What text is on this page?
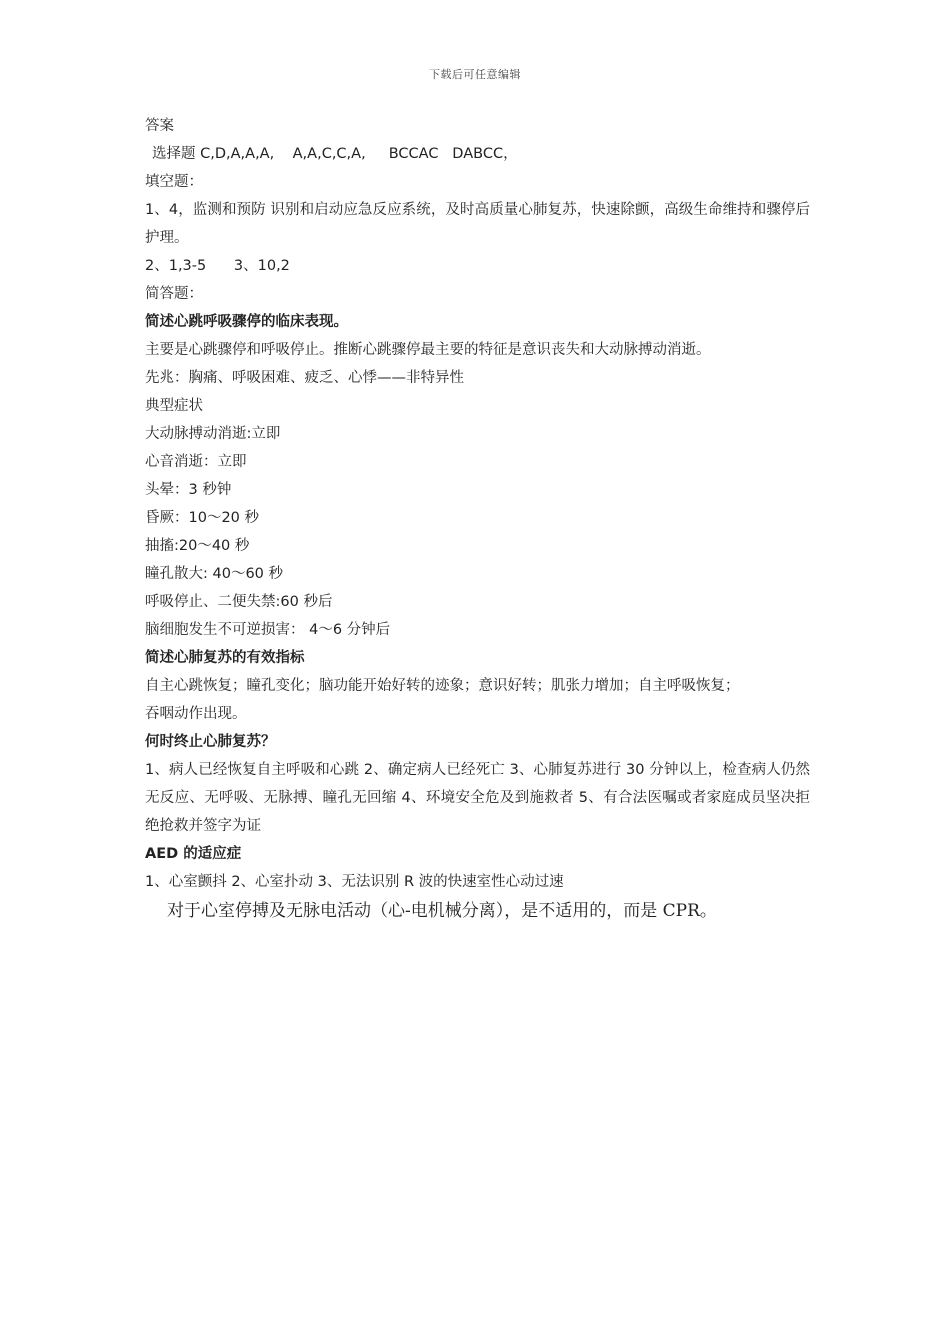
下载后可任意编辑

答案

选择题 C,D,A,A,A,    A,A,C,C,A,     BCCAC   DABCC，

填空题：

1、4，监测和预防 识别和启动应急反应系统，及时高质量心肺复苏，快速除颤，高级生命维持和骤停后护理。

2、1,3-5      3、10,2

简答题：

简述心跳呼吸骤停的临床表现。

主要是心跳骤停和呼吸停止。推断心跳骤停最主要的特征是意识丧失和大动脉搏动消逝。

先兆：胸痛、呼吸困难、疲乏、心悸——非特异性

典型症状

大动脉搏动消逝:立即

心音消逝：立即

头晕：3 秒钟

昏厥：10～20 秒

抽搐:20～40 秒

瞳孔散大: 40～60 秒

呼吸停止、二便失禁:60 秒后

脑细胞发生不可逆损害： 4～6 分钟后

简述心肺复苏的有效指标

自主心跳恢复；瞳孔变化；脑功能开始好转的迹象；意识好转；肌张力增加；自主呼吸恢复；

吞咽动作出现。

何时终止心肺复苏？

1、病人已经恢复自主呼吸和心跳 2、确定病人已经死亡 3、心肺复苏进行 30 分钟以上，检查病人仍然无反应、无呼吸、无脉搏、瞳孔无回缩 4、环境安全危及到施救者 5、有合法医嘱或者家庭成员坚决拒绝抢救并签字为证

AED 的适应症

1、心室颤抖 2、心室扑动 3、无法识别 R 波的快速室性心动过速

对于心室停搏及无脉电活动（心-电机械分离），是不适用的，而是 CPR。
